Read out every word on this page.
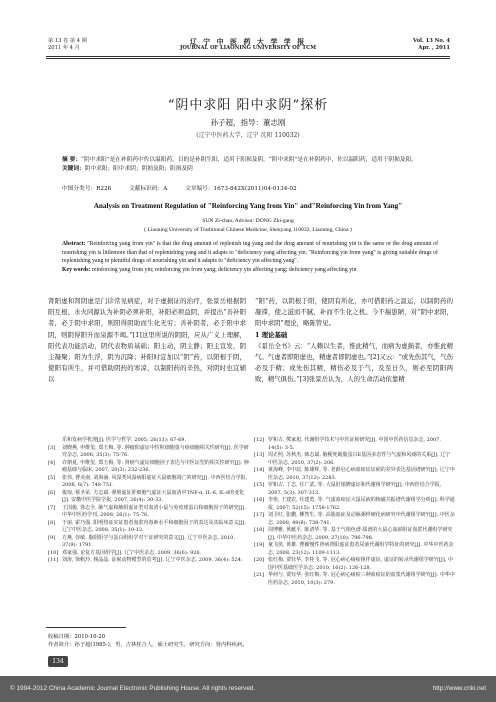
第 13 卷 第 4 期
2011 年 4 月
辽 宁 中 医 药 大 学 学 报
JOURNAL OF LIAONING UNIVERSITY OF TCM
Vol. 13 No. 4
Apr. , 2011
“阴中求阳 阳中求阴”探析
孙子超，指导：董志刚
(辽宁中医药大学，辽宁 沈阳 110032)
摘 要：“阴中求阳”是在补阴药中佐以温阳药，目的是补阴生阳，适用于阳损及阴。“阴中求阴”是在补阴药中，佐以温阳药，适用于阴损及阳。
关键词：阴中求阳；阳中求阴；阴损及阳；阳损及阴
中图分类号：R226	文献标识码：A	文章编号：1673-842X(2011)04-0134-02
Analysis on Treatment Regulation of "Reinforcing Yang from Yin" and"Reinforcing Yin from Yang"
SUN Zi-chao, Advisor: DONG Zhi-gang
( Liaoning University of Traditional Chinese Medicine, Shenyang 110032, Liaoning, China )
Abstract: "Reinforcing yang from yin" is that the drug amount of replenish ing yang and the drug amount of nourishing yin is the same or the drug amount of nourishing yin is littlemore than that of replenishing yang and it adapts to "deficiency yang affecting yin. "Reinforcing yin from yang" is giving suitable drugs of replenishing yang in plentiful drugs of nourishing yin and it adapts to "deficiency yin affecting yang".
Key words: reinforcing yang from yin; reinforcing yin from yang; deficiency yin affecting yang; deficiency yang affecting yin
肾阳虚和肾阴虚是门诊常见病症，对于虚损证的治疗，张景岳根据阴阳互根、水火同源认为补阴必须补阳，补阳必须益阴，并提出“善补阳者，必于阴中求阳，则阳得阴助而生化无穷；善补阴者，必于阳中求阴，则阴得阳升而泉源不竭。”[1]这里所说的阴阳，应从广义上理解，阳代表功能活动，阴代表物质基础；阳主动，阴主静；阳主宣发，阴主凝聚；阳为生浮，阴为沉降；补阳时宜加以“阴”药，以阳根于阴，使阳有所生，并可借助阴药的寒凉，以制阳药的辛热，对阴时也宜辅以
“阳”药，以阴根于阳，使阴有所化，亦可借阳药之温运，以制阴药的凝滞，使之滋而不腻，补而不生化之机。今不揣愚陋，对“阴中求阳，阳中求阴”理论，略陈管见。
1 理论基础
《景岳全书》云：“人赖以生者，惟此精气，而病为虚损者，亦惟此精气。气虚者即阳虚也，精虚者即阴虚也。”[2]又云：“或先伤其气，气伤必及于精；或先伤其精，精伤必及于气，及至日久，则必至阴阳两败，精气俱伤。”[3]张景岳认为，人的生命活动依靠精
乐和发病学机理[J]. 医学与哲学, 2005, 26(11): 67-69.
[3]	刘晓燕, 申维玺, 郑玉梅, 等. 肿瘤阳虚证中性粒细胞量与癌细胞相关性研究[J]. 医学研究杂志, 2006, 35(3): 75-76.
[4]	许朝夏, 申维玺, 郑玉梅, 等. 肾癌气虚证细胞因子表达与中医证型的相关性研究[J]. 肿瘤基础与临床, 2007, 20(3): 232-236.
[5]	张伟, 曹美南, 刘海涵. 风湿类风湿病阳虚证大鼠细胞凋亡的研究[J]. 中西医结合学报, 2008, 6(7): 748-751.
[6]	俊琼, 蔡圣荣, 方志斌. 弹胆虚证肝细胞气虚证大鼠血清中TNF-α, IL-6, IL-8的变化[J]. 安徽中医学院学报, 2007, 26(4): 30-33.
[7]	王国俊, 徐志全. 肺气虚和肺阴虚证型对血清小鼠与免疫球蛋白和细胞因子的研究[J]. 中华中医药学刊, 2008, 26(1): 75-76.
[8]	于丽, 霍乃强. 阳明热证实证患者血浆内毒素水平和细胞因子的表达及其临床意义[J]. 辽宁中医杂志, 2008, 35(1): 10-12.
[9]	方燕, 谷敏. 脂阴阳学与蛋白组组学对干证研究的意义[J]. 辽宁中医杂志, 2010, 37(9): 1791.
[10] 邓家强. 论复方基因组学[J]. 辽宁中医杂志, 2009, 36(6): 926.
[11] 刘涛, 徐帆玲, 杨晶晶. 证候动物模型的思考[J]. 辽宁中医杂志, 2009, 36(4): 524.
[12] 罗和古, 熊家旭. 代谢组学技术与中医证候研究[J]. 中国中医药信息杂志, 2007, 14(5): 3-5.
[13] 周正照, 苏秋杰, 韩志斌. 脑梗死载脂蛋白E基因多态性与气虚和风痰的关系[J]. 辽宁中医杂志, 2010, 37(2): 206.
[14] 黄海峰, 李中辰, 陈雄辉, 等. 老龄冠心病血瘀证证候的差异表达基因谱研究[J]. 辽宁中医杂志, 2010, 37(12): 2283.
[15] 罗和古, 丁志, 任广武, 等. 大鼠肝郁脾虚证和代谢组学研究[J]. 中西医结合学报, 2007, 5(3): 307-313.
[16] 李艳, 王建农, 任建勇, 等. 气虚血瘀证大鼠尿液的核磁共振谱代谢组学分析[J]. 科学通报, 2007, 52(15): 1758-1762.
[17] 刘卫红, 张鹏, 柳然生, 等. 高脂血症及动脉粥样硬化病研究中代谢组学研究[J]. 中医杂志, 2008, 49(8): 738-741.
[18] 周博雅, 黄献平, 陈清华, 等. 基于气相色谱-质谱的大鼠心血瘀阻证血浆代谢组学研究[J]. 中华中医药杂志, 2009, 27(10): 796-798.
[19] 童飞侠, 黄雄. 曹颖慢性肾病肾阳虚证患者尿液代谢组学特征的研究[J]. 中华中医药杂志, 2008, 23(12): 1109-1113.
[20] 张红梅, 贾钰华, 李桂飞, 等. 冠心病心痰瘀阻伴虚证, 虚证的转录代谢组学研究[J]. 中国中医基础医学杂志, 2010, 16(2): 126-128.
[21] 华何与, 贾钰华, 张红梅, 等. 冠心病心痰瘀三种血瘀证的血浆代谢组学研究[J]. 中华中医药杂志, 2010, 10(3): 279.
收稿日期：2010-10-20
作者简介：孙子超(1985-)，男，吉林桂合人，硕士研究生，研究方向：肾内科疾病。
134
© 1994-2012 China Academic Journal Electronic Publishing House. All rights reserved.	http://www.cnki.net
